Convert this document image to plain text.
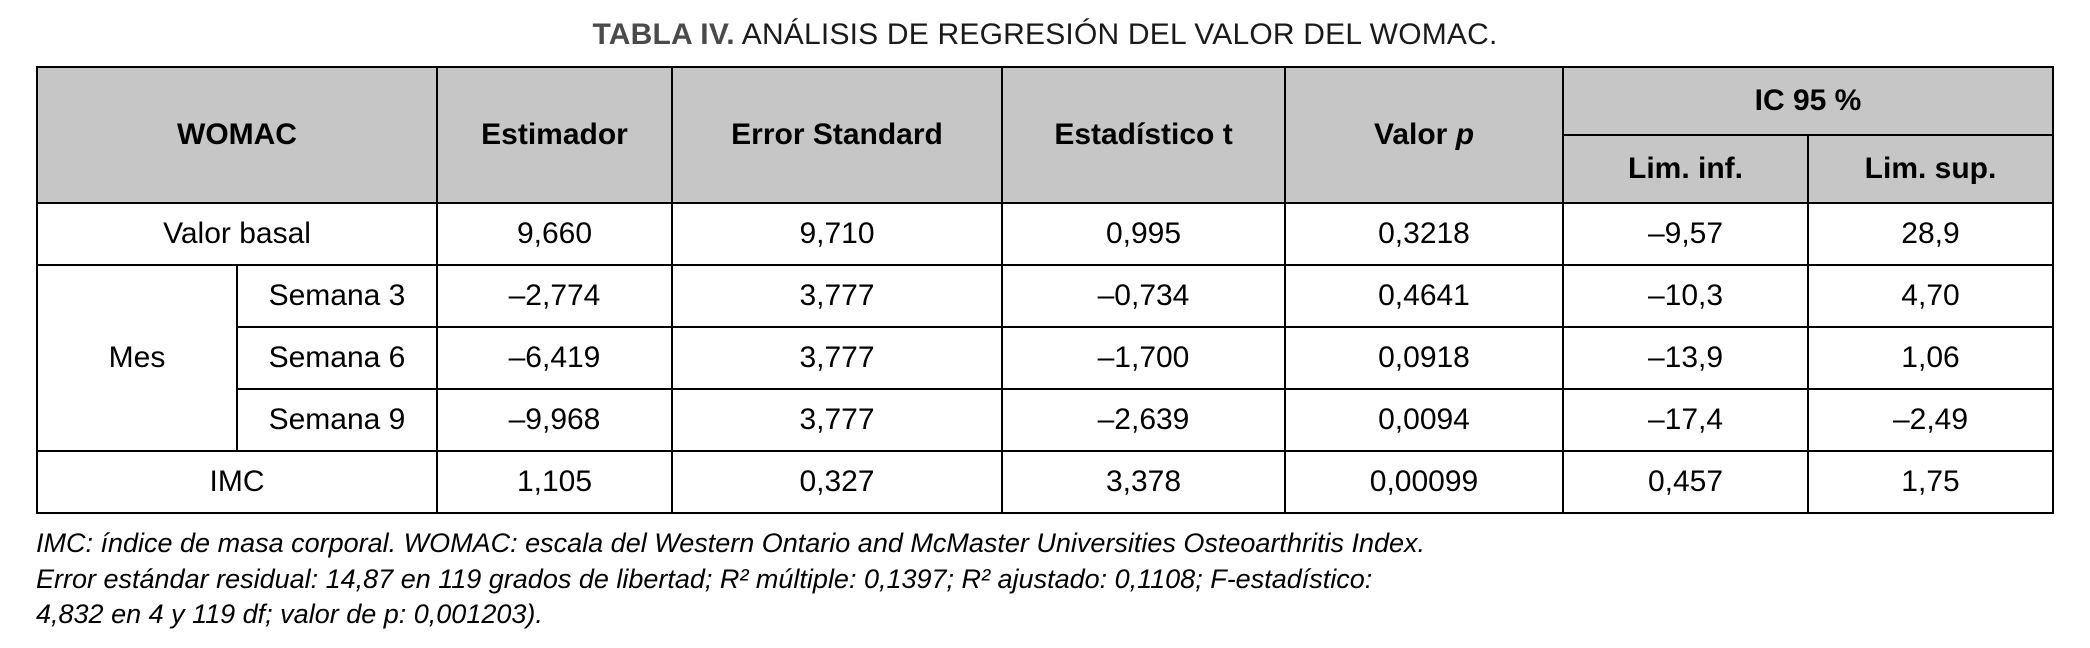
TABLA IV. ANÁLISIS DE REGRESIÓN DEL VALOR DEL WOMAC.
WOMAC		Estimador	Error Standard	Estadístico t	Valor p	IC 95 %	
						Lim. inf.	Lim. sup.
Valor basal		9,660	9,710	0,995	0,3218	–9,57	28,9
Mes	Semana 3	–2,774	3,777	–0,734	0,4641	–10,3	4,70
	Semana 6	–6,419	3,777	–1,700	0,0918	–13,9	1,06
	Semana 9	–9,968	3,777	–2,639	0,0094	–17,4	–2,49
IMC		1,105	0,327	3,378	0,00099	0,457	1,75
IMC: índice de masa corporal. WOMAC: escala del Western Ontario and McMaster Universities Osteoarthritis Index.
Error estándar residual: 14,87 en 119 grados de libertad; R² múltiple: 0,1397; R² ajustado: 0,1108; F-estadístico:
4,832 en 4 y 119 df; valor de p: 0,001203).
